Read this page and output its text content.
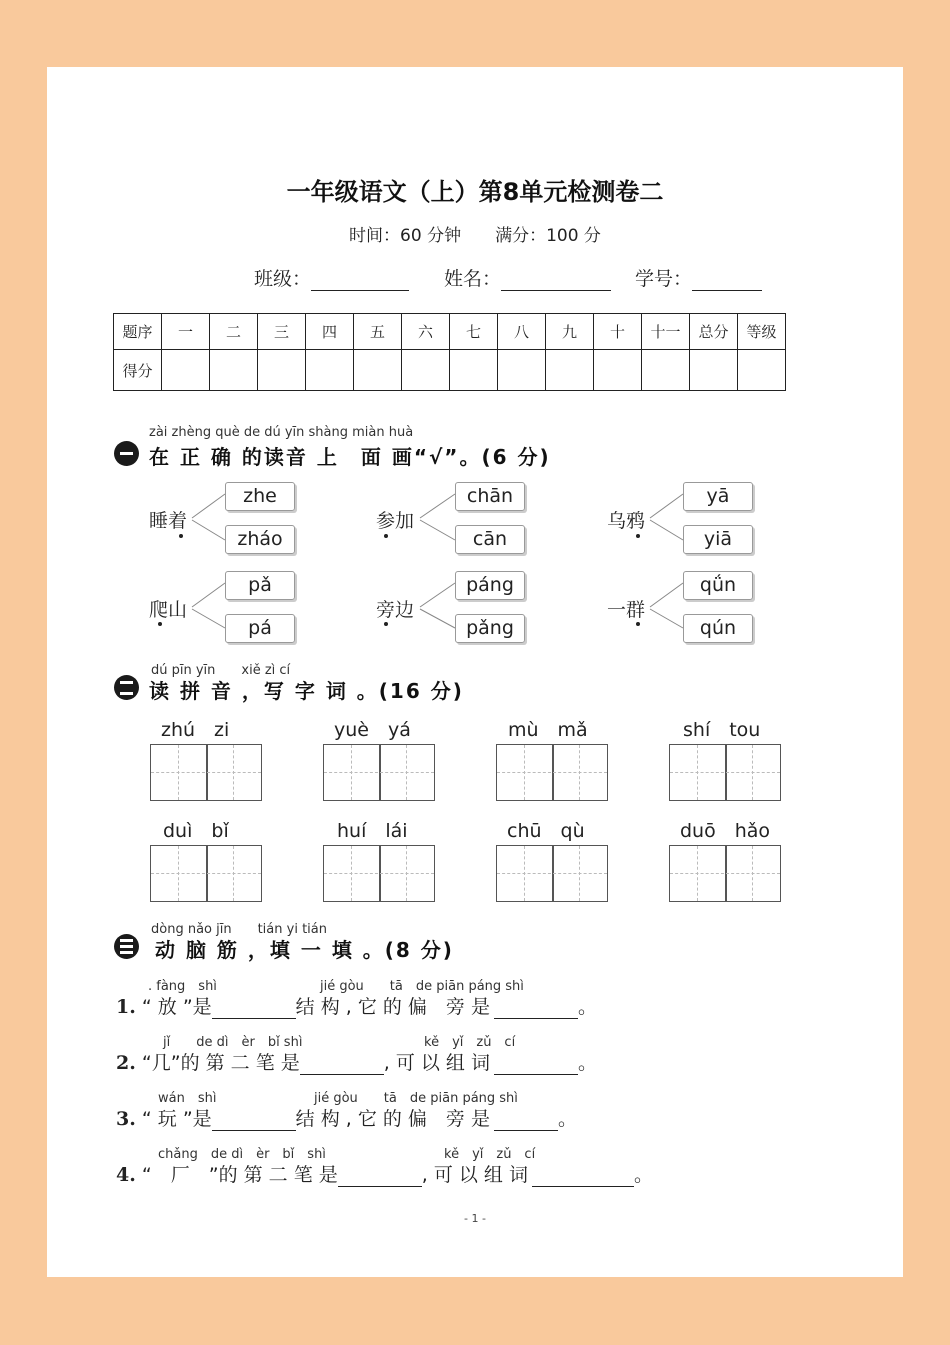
一年级语文（上）第8单元检测卷二
时间：60 分钟　　满分：100 分
班级：	姓名：	学号：
题序	一	二	三	四	五	六	七	八	九	十	十一	总分	等级
得分													
zài zhèng què de dú yīn shàng miàn huà
在 正 确 的读音 上　面 画“√”。(6 分)
睡着
zhe
zháo
参加
chān
cān
乌鸦
yā
yiā
爬山
pǎ
pá
旁边
páng
pǎng
一群
qǘn
qún
dú pīn yīn　　xiě zì cí
读 拼 音 ，写 字 词 。(16 分)
zhú　zi	yuè　yá	mù　mǎ	shí　tou
duì　bǐ	huí　lái	chū　qù	duō　hǎo
dòng nǎo jīn　　tián yi tián
动 脑 筋 ，填 一 填 。(8 分)
. fàng　shì	jié gòu　　tā　de piān páng shì
1. “ 放 ”是	结 构 , 它 的 偏　旁 是	。
jǐ　　de dì　èr　bǐ shì	kě　yǐ　zǔ　cí
2. “几”的 第 二 笔 是	, 可 以 组 词	。
wán　shì	jié gòu　　tā　de piān páng shì
3. “ 玩 ”是	结 构 , 它 的 偏　旁 是	。
chǎng　de dì　èr　bǐ　shì	kě　yǐ　zǔ　cí
4. “　厂　”的 第 二 笔 是	, 可 以 组 词	。
- 1 -
